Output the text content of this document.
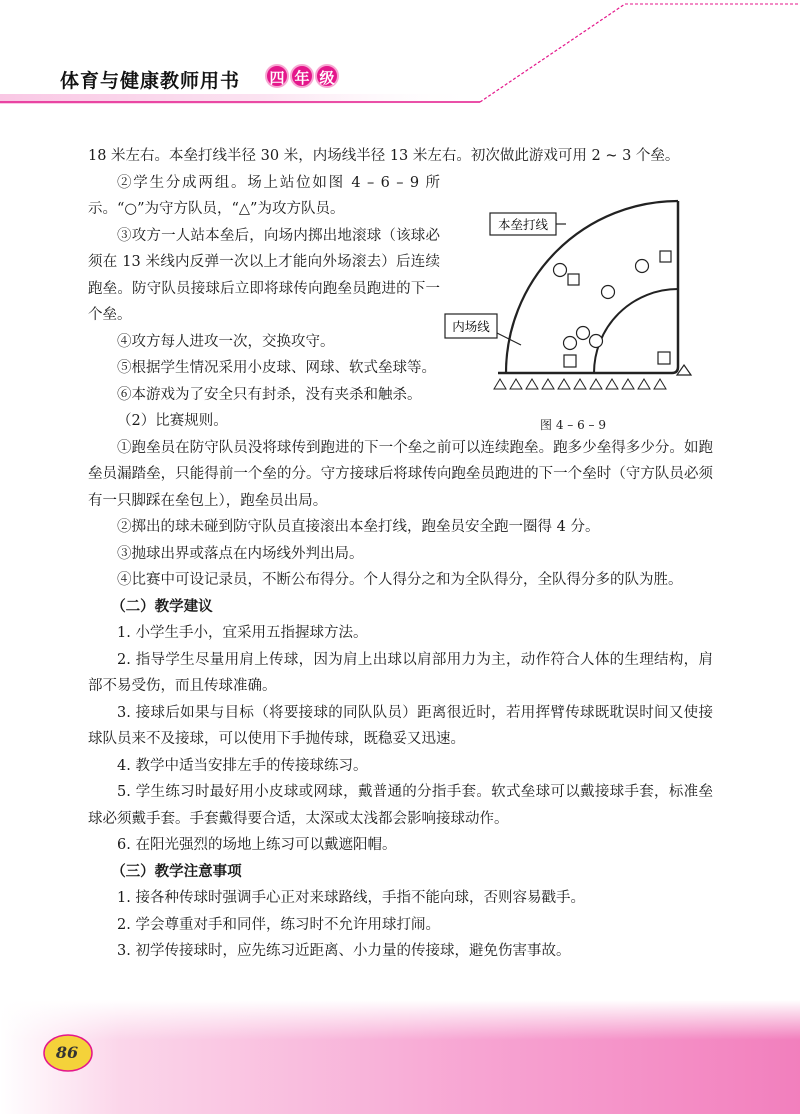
体育与健康教师用书 四 年 级

18 米左右。本垒打线半径 30 米，内场线半径 13 米左右。初次做此游戏可用 2 ~ 3 个垒。

②学生分成两组。场上站位如图 4 – 6 – 9 所示。“○”为守方队员，“△”为攻方队员。

③攻方一人站本垒后，向场内掷出地滚球（该球必须在 13 米线内反弹一次以上才能向外场滚去）后连续跑垒。防守队员接球后立即将球传向跑垒员跑进的下一个垒。

④攻方每人进攻一次，交换攻守。

⑤根据学生情况采用小皮球、网球、软式垒球等。

⑥本游戏为了安全只有封杀，没有夹杀和触杀。

（2）比赛规则。

①跑垒员在防守队员没将球传到跑进的下一个垒之前可以连续跑垒。跑多少垒得多少分。如跑垒员漏踏垒，只能得前一个垒的分。守方接球后将球传向跑垒员跑进的下一个垒时（守方队员必须有一只脚踩在垒包上），跑垒员出局。

②掷出的球未碰到防守队员直接滚出本垒打线，跑垒员安全跑一圈得 4 分。

③抛球出界或落点在内场线外判出局。

④比赛中可设记录员，不断公布得分。个人得分之和为全队得分，全队得分多的队为胜。

（二）教学建议

1. 小学生手小，宜采用五指握球方法。

2. 指导学生尽量用肩上传球，因为肩上出球以肩部用力为主，动作符合人体的生理结构，肩部不易受伤，而且传球准确。

3. 接球后如果与目标（将要接球的同队队员）距离很近时，若用挥臂传球既耽误时间又使接球队员来不及接球，可以使用下手抛传球，既稳妥又迅速。

4. 教学中适当安排左手的传接球练习。

5. 学生练习时最好用小皮球或网球，戴普通的分指手套。软式垒球可以戴接球手套，标准垒球必须戴手套。手套戴得要合适，太深或太浅都会影响接球动作。

6. 在阳光强烈的场地上练习可以戴遮阳帽。

（三）教学注意事项

1. 接各种传球时强调手心正对来球路线，手指不能向球，否则容易戳手。

2. 学会尊重对手和同伴，练习时不允许用球打闹。

3. 初学传接球时，应先练习近距离、小力量的传接球，避免伤害事故。

本垒打线
内场线
图 4 – 6 – 9
86
